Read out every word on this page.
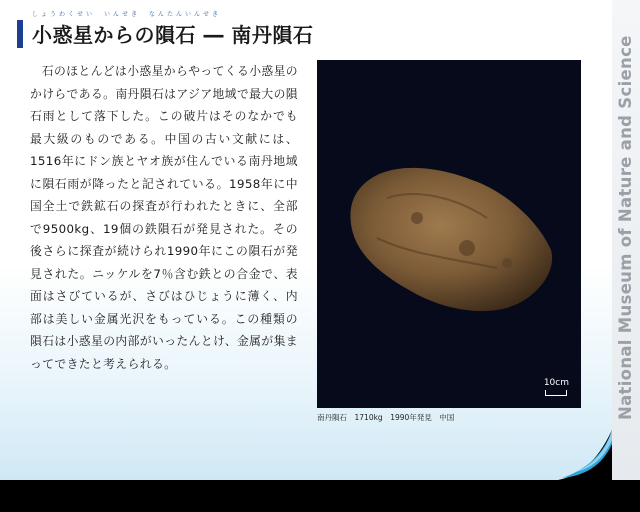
しょうわくせい　いんせき　なんたんいんせき
小惑星からの隕石 ― 南丹隕石
石のほとんどは小惑星からやってくる小惑星のかけらである。南丹隕石はアジア地域で最大の隕石雨として落下した。この破片はそのなかでも最大級のものである。中国の古い文献には、1516年にドン族とヤオ族が住んでいる南丹地域に隕石雨が降ったと記されている。1958年に中国全土で鉄鉱石の探査が行われたときに、全部で9500kg、19個の鉄隕石が発見された。その後さらに探査が続けられ1990年にこの隕石が発見された。ニッケルを7％含む鉄との合金で、表面はさびているが、さびはひじょうに薄く、内部は美しい金属光沢をもっている。この種類の隕石は小惑星の内部がいったんとけ、金属が集まってできたと考えられる。
10cm
南丹隕石　1710kg　1990年発見　中国	National Museum of Nature and Science
